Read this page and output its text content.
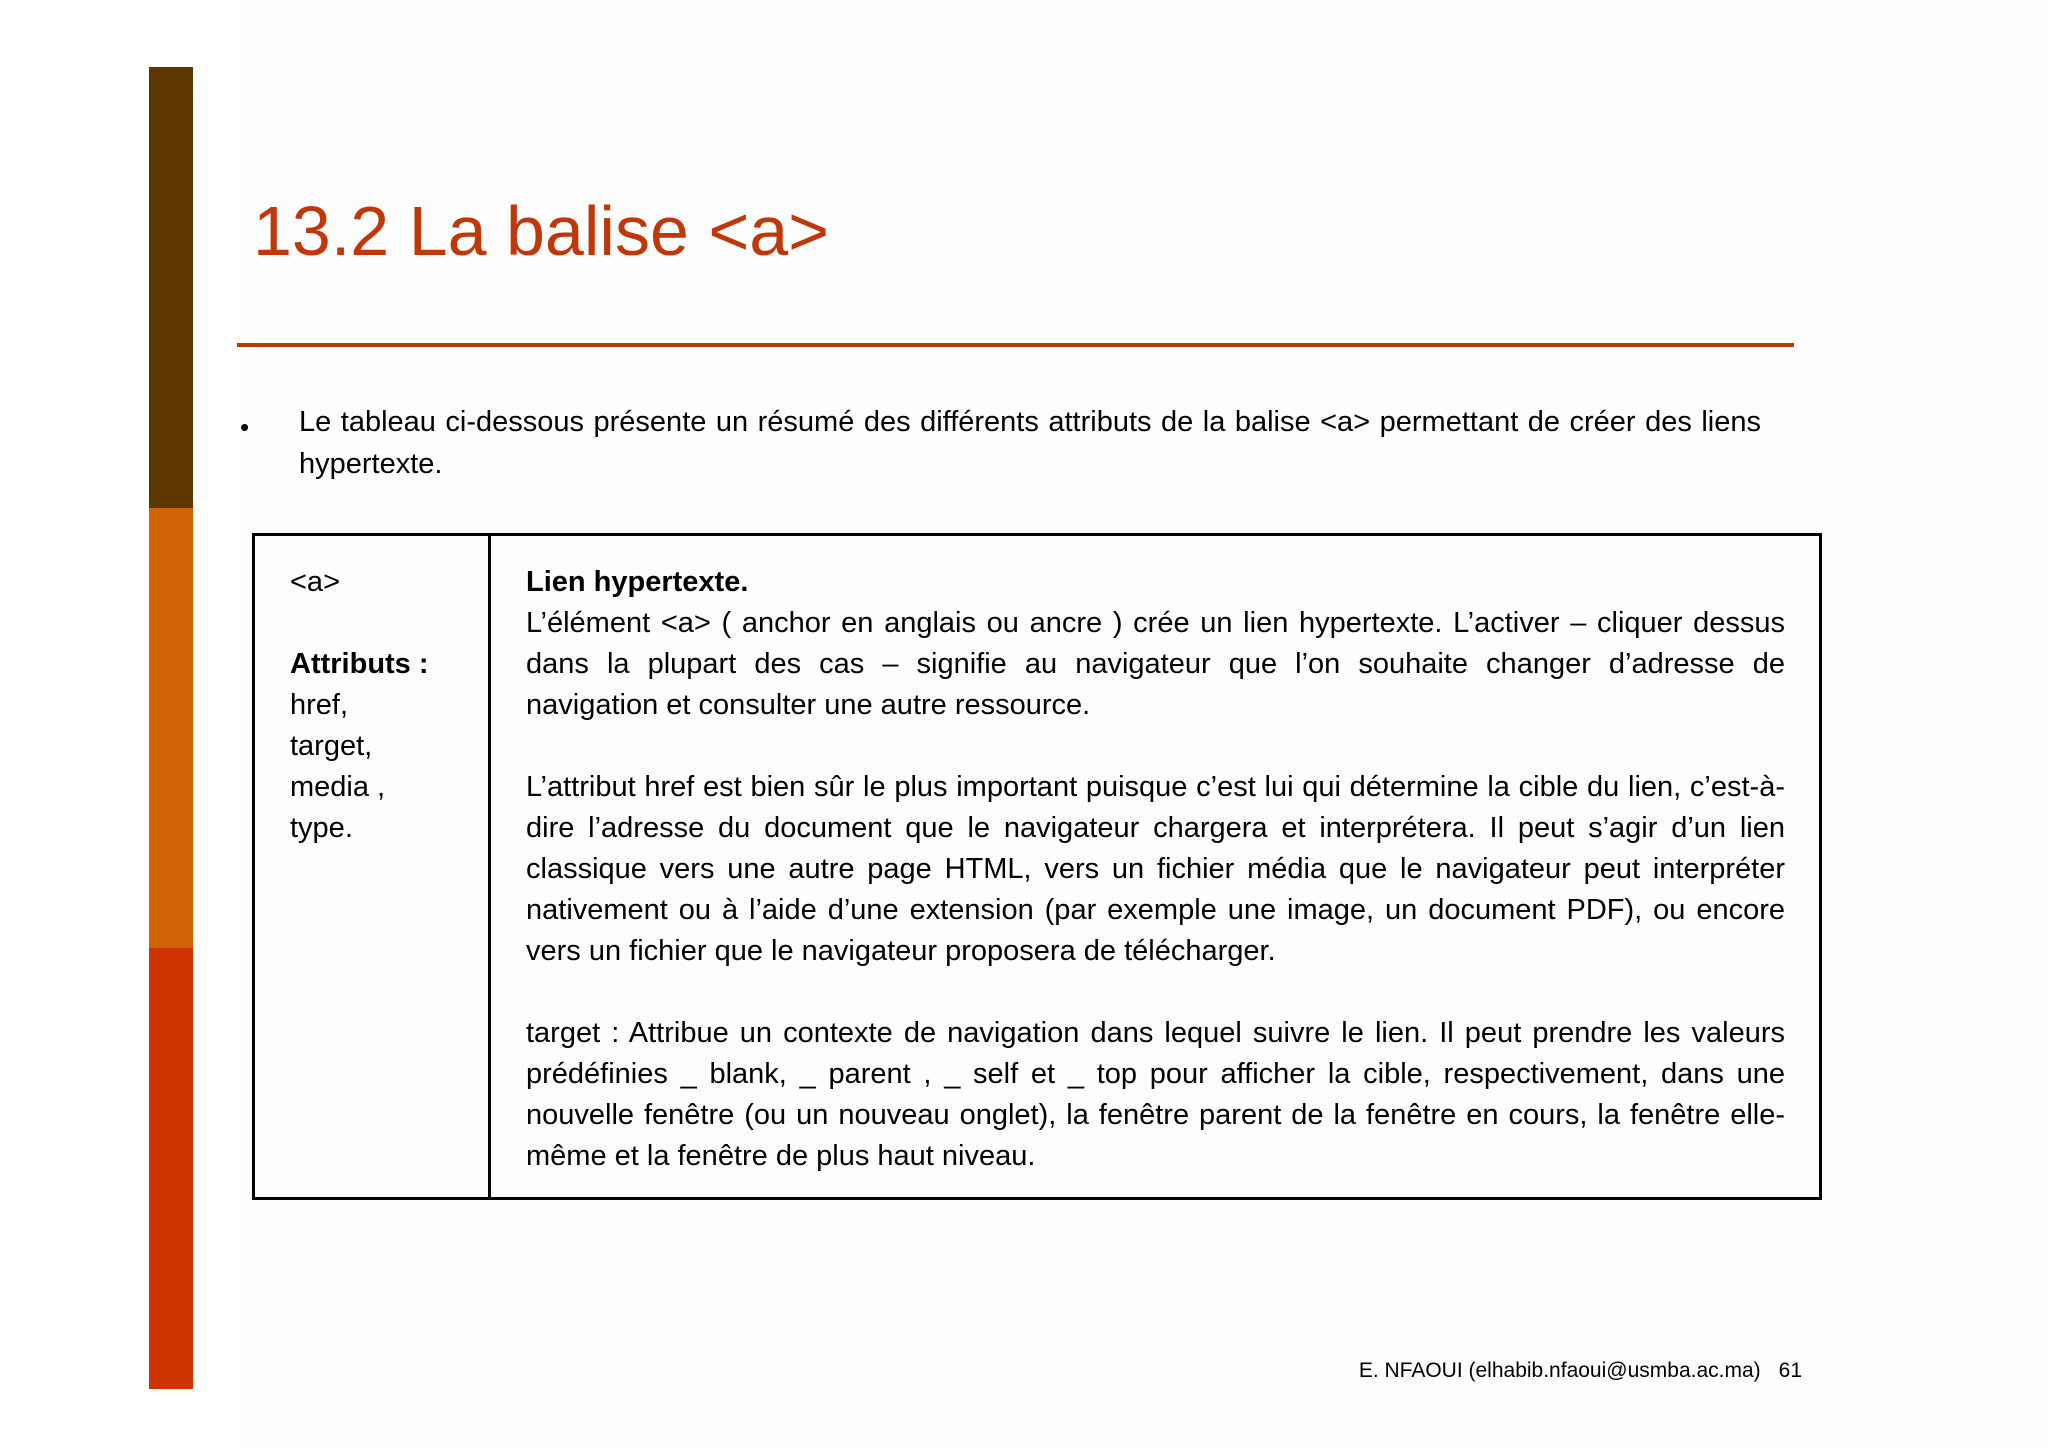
13.2 La balise <a>
• Le tableau ci-dessous présente un résumé des différents attributs de la balise <a> permettant de créer des liens hypertexte.

<a>

Attributs :

href,

target,

media ,

type.

Lien hypertexte.

L’élément <a> ( anchor en anglais ou ancre ) crée un lien hypertexte. L’activer – cliquer dessus dans la plupart des cas – signifie au navigateur que l’on souhaite changer d’adresse de navigation et consulter une autre ressource.

L’attribut href est bien sûr le plus important puisque c’est lui qui détermine la cible du lien, c’est-à-dire l’adresse du document que le navigateur chargera et interprétera. Il peut s’agir d’un lien classique vers une autre page HTML, vers un fichier média que le navigateur peut interpréter nativement ou à l’aide d’une extension (par exemple une image, un document PDF), ou encore vers un fichier que le navigateur proposera de télécharger.

target : Attribue un contexte de navigation dans lequel suivre le lien. Il peut prendre les valeurs prédéfinies _ blank, _ parent , _ self et _ top pour afficher la cible, respectivement, dans une nouvelle fenêtre (ou un nouveau onglet), la fenêtre parent de la fenêtre en cours, la fenêtre elle-même et la fenêtre de plus haut niveau.

E. NFAOUI (elhabib.nfaoui@usmba.ac.ma) 61
